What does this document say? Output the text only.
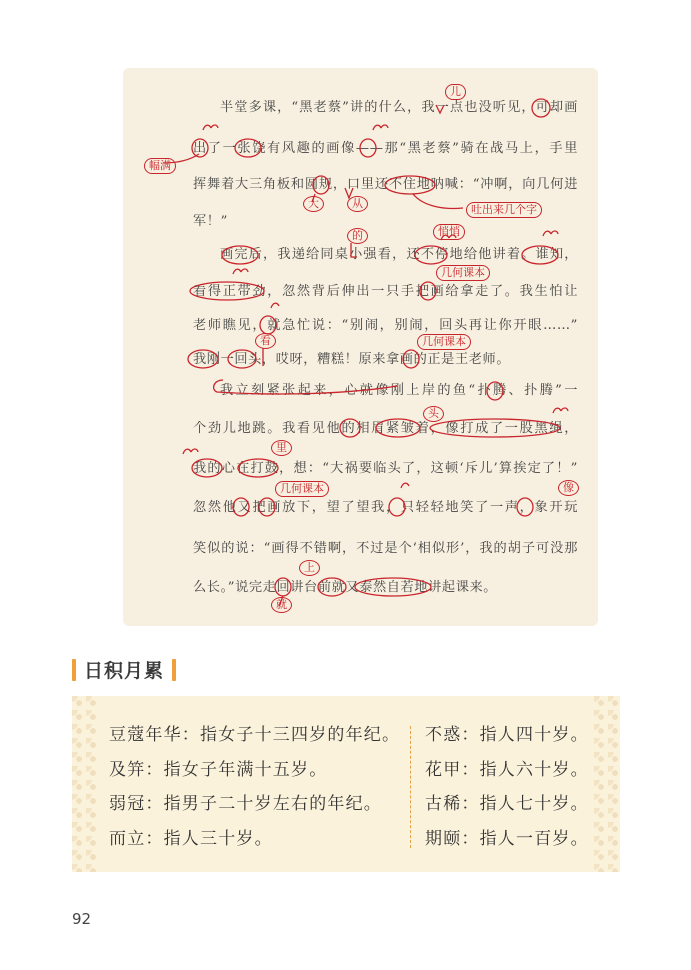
半堂多课，“黑老蔡”讲的什么，我一点也没听见，可却画
出了一张饶有风趣的画像——那“黑老蔡”骑在战马上，手里
挥舞着大三角板和圆规，口里还不住地呐喊：“冲啊，向几何进
军！”
画完后，我递给同桌小强看，还不停地给他讲着。谁知，
看得正带劲，忽然背后伸出一只手把画给拿走了。我生怕让
老师瞧见，就急忙说：“别闹，别闹，回头再让你开眼……”
我刚一回头，哎呀，糟糕！原来拿画的正是王老师。
我立刻紧张起来，心就像刚上岸的鱼“扑腾、扑腾”一
个劲儿地跳。我看见他的相眉紧皱着，像打成了一股黑绳，
我的心在打鼓，想：“大祸要临头了，这顿‘斥儿’算挨定了！”
忽然他又把画放下，望了望我，只轻轻地笑了一声，象开玩
笑似的说：“画得不错啊，不过是个‘相似形’，我的胡子可没那
么长。”说完走回讲台前就又泰然自若地讲起课来。
儿
幅满
大	从	吐出来几个字
的	悄悄
几何课本
看	几何课本
头
里
几何课本	像
上
就
日积月累
豆蔻年华：指女子十三四岁的年纪。
及笄：指女子年满十五岁。
弱冠：指男子二十岁左右的年纪。
而立：指人三十岁。
不惑：指人四十岁。
花甲：指人六十岁。
古稀：指人七十岁。
期颐：指人一百岁。
92
